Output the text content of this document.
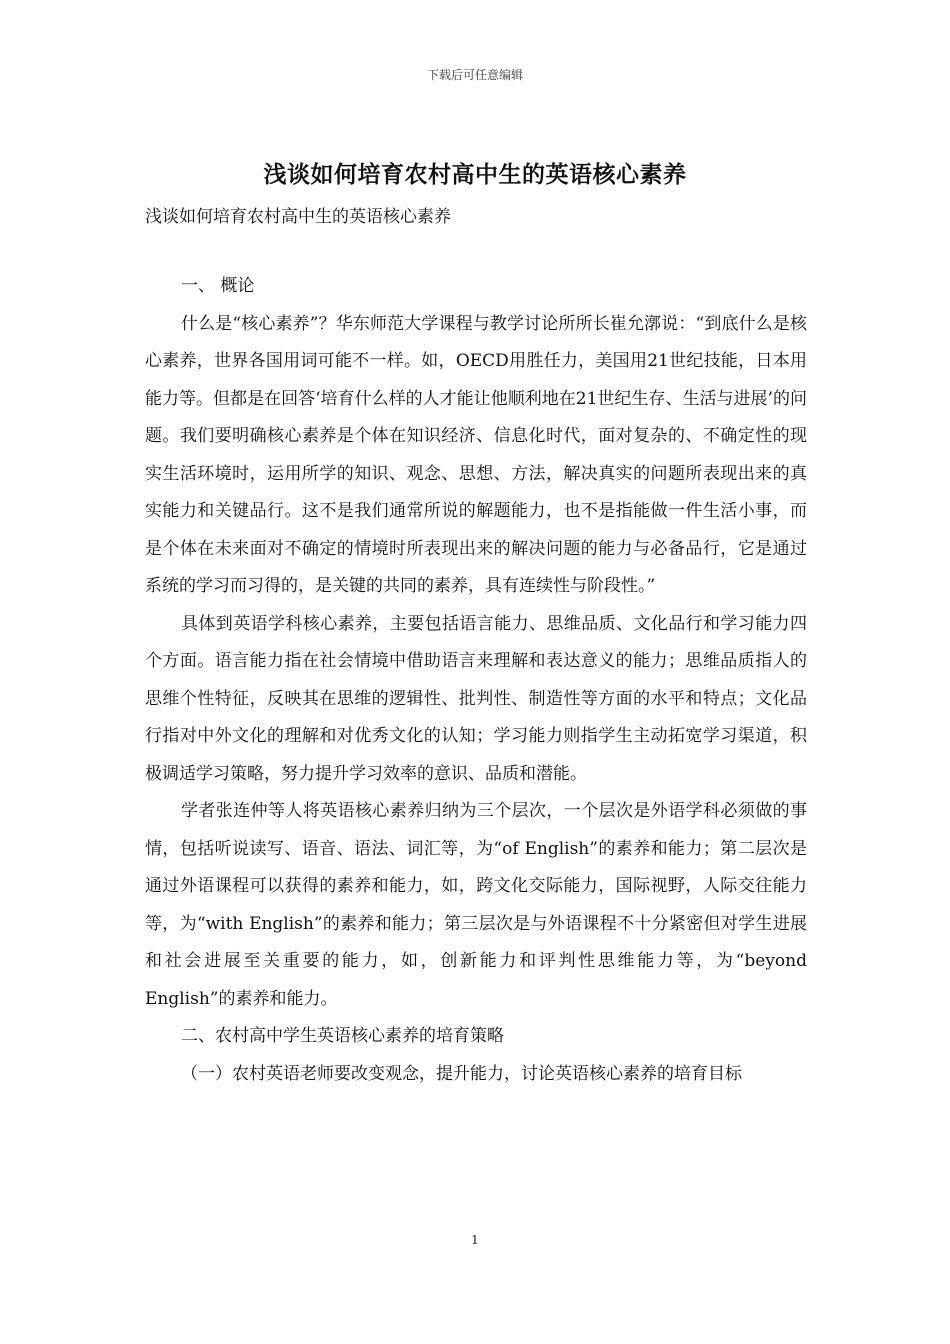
下载后可任意编辑
浅谈如何培育农村高中生的英语核心素养
浅谈如何培育农村高中生的英语核心素养

一、 概论

什么是“核心素养”？华东师范大学课程与教学讨论所所长崔允漷说：“到底什么是核心素养，世界各国用词可能不一样。如，OECD用胜任力，美国用21世纪技能，日本用能力等。但都是在回答‘培育什么样的人才能让他顺利地在21世纪生存、生活与进展’的问题。我们要明确核心素养是个体在知识经济、信息化时代，面对复杂的、不确定性的现实生活环境时，运用所学的知识、观念、思想、方法，解决真实的问题所表现出来的真实能力和关键品行。这不是我们通常所说的解题能力，也不是指能做一件生活小事，而是个体在未来面对不确定的情境时所表现出来的解决问题的能力与必备品行，它是通过系统的学习而习得的，是关键的共同的素养，具有连续性与阶段性。”

具体到英语学科核心素养，主要包括语言能力、思维品质、文化品行和学习能力四个方面。语言能力指在社会情境中借助语言来理解和表达意义的能力；思维品质指人的思维个性特征，反映其在思维的逻辑性、批判性、制造性等方面的水平和特点；文化品行指对中外文化的理解和对优秀文化的认知；学习能力则指学生主动拓宽学习渠道，积极调适学习策略，努力提升学习效率的意识、品质和潜能。

学者张连仲等人将英语核心素养归纳为三个层次，一个层次是外语学科必须做的事情，包括听说读写、语音、语法、词汇等，为“of English”的素养和能力；第二层次是通过外语课程可以获得的素养和能力，如，跨文化交际能力，国际视野，人际交往能力等，为“with English”的素养和能力；第三层次是与外语课程不十分紧密但对学生进展和社会进展至关重要的能力，如，创新能力和评判性思维能力等，为“beyond English”的素养和能力。

二、农村高中学生英语核心素养的培育策略

（一）农村英语老师要改变观念，提升能力，讨论英语核心素养的培育目标

1
